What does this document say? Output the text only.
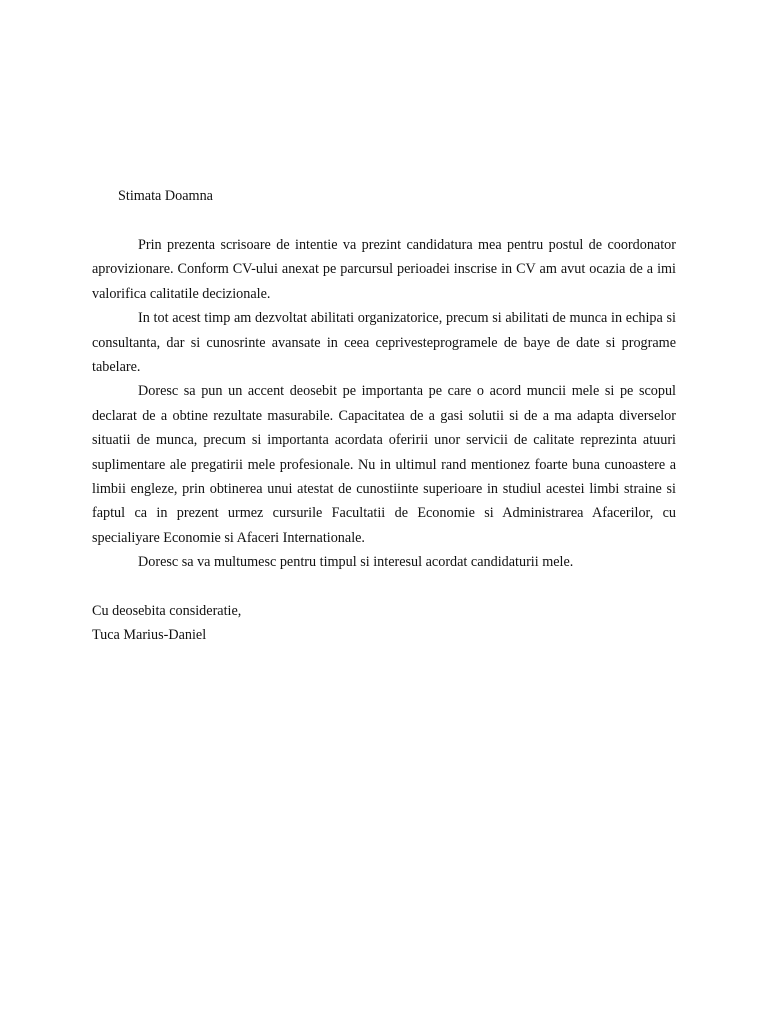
Stimata Doamna

Prin prezenta scrisoare de intentie va prezint candidatura mea pentru postul de coordonator aprovizionare. Conform CV-ului anexat pe parcursul perioadei inscrise in CV am avut ocazia de a imi valorifica calitatile decizionale.

In tot acest timp am dezvoltat abilitati organizatorice, precum si abilitati de munca in echipa si consultanta, dar si cunosrinte avansate in ceea ceprivesteprogramele de baye de date si programe tabelare.

Doresc sa pun un accent deosebit pe importanta pe care o acord muncii mele si pe scopul declarat de a obtine rezultate masurabile. Capacitatea de a gasi solutii si de a ma adapta diverselor situatii de munca, precum si importanta acordata oferirii unor servicii de calitate reprezinta atuuri suplimentare ale pregatirii mele profesionale. Nu in ultimul rand mentionez foarte buna cunoastere a limbii engleze, prin obtinerea unui atestat de cunostiinte superioare in studiul acestei limbi straine si faptul ca in prezent urmez cursurile Facultatii de Economie si Administrarea Afacerilor, cu specialiyare Economie si Afaceri Internationale.

Doresc sa va multumesc pentru timpul si interesul acordat candidaturii mele.

Cu deosebita consideratie,
Tuca Marius-Daniel
